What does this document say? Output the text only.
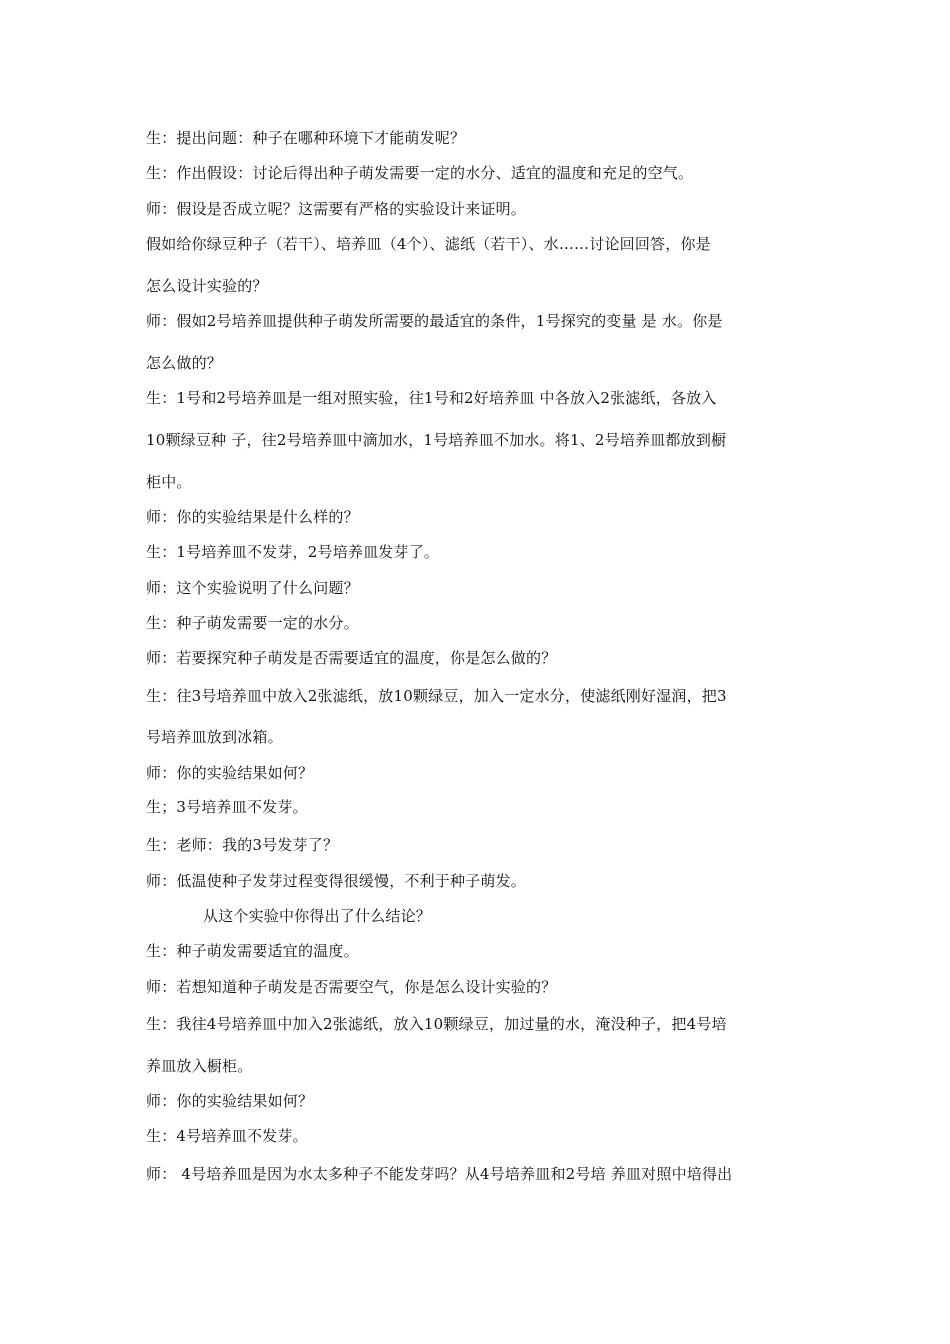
生：提出问题：种子在哪种环境下才能萌发呢？
生：作出假设：讨论后得出种子萌发需要一定的水分、适宜的温度和充足的空气。
师：假设是否成立呢？这需要有严格的实验设计来证明。
假如给你绿豆种子（若干）、培养皿（4个）、滤纸（若干）、水……讨论回回答，你是
怎么设计实验的？
师：假如2号培养皿提供种子萌发所需要的最适宜的条件，1号探究的变量 是 水。你是
怎么做的？
生：1号和2号培养皿是一组对照实验，往1号和2好培养皿 中各放入2张滤纸，各放入
10颗绿豆种 子，往2号培养皿中滴加水，1号培养皿不加水。将1、2号培养皿都放到橱
柜中。
师：你的实验结果是什么样的？
生：1号培养皿不发芽，2号培养皿发芽了。
师：这个实验说明了什么问题？
生：种子萌发需要一定的水分。
师：若要探究种子萌发是否需要适宜的温度，你是怎么做的？
生：往3号培养皿中放入2张滤纸，放10颗绿豆，加入一定水分，使滤纸刚好湿润，把3
号培养皿放到冰箱。
师：你的实验结果如何？
生；3号培养皿不发芽。
生：老师：我的3号发芽了？
师：低温使种子发芽过程变得很缓慢，不利于种子萌发。
从这个实验中你得出了什么结论？
生：种子萌发需要适宜的温度。
师：若想知道种子萌发是否需要空气，你是怎么设计实验的？
生：我往4号培养皿中加入2张滤纸，放入10颗绿豆，加过量的水，淹没种子，把4号培
养皿放入橱柜。
师：你的实验结果如何？
生：4号培养皿不发芽。
师： 4号培养皿是因为水太多种子不能发芽吗？从4号培养皿和2号培 养皿对照中培得出
